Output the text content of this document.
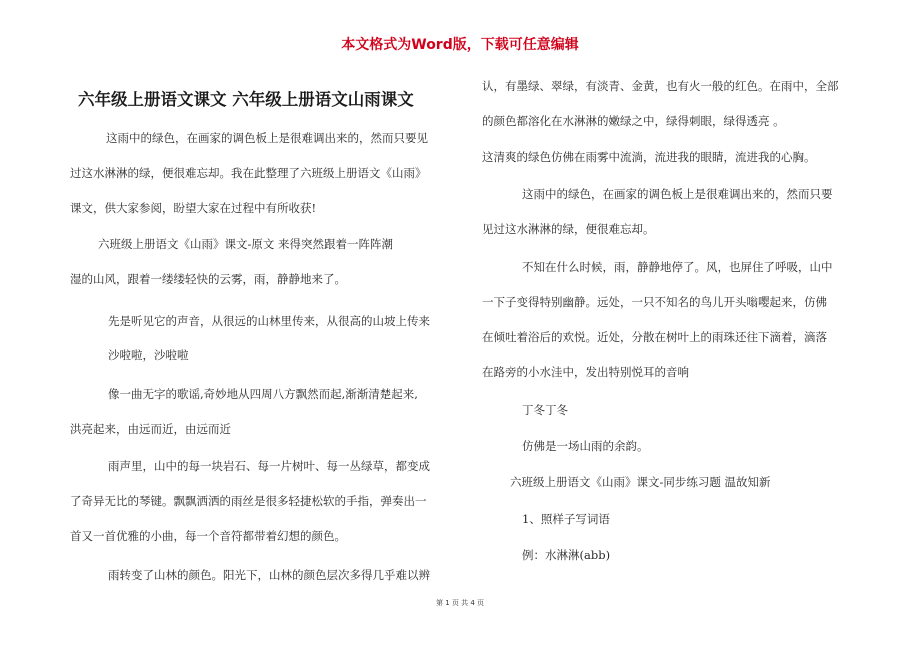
本文格式为Word版，下载可任意编辑
六年级上册语文课文 六年级上册语文山雨课文
这雨中的绿色，在画家的调色板上是很难调出来的，然而只要见
过这水淋淋的绿，便很难忘却。我在此整理了六班级上册语文《山雨》
课文，供大家参阅，盼望大家在过程中有所收获!
六班级上册语文《山雨》课文-原文 来得突然跟着一阵阵潮
湿的山风，跟着一缕缕轻快的云雾，雨，静静地来了。
先是听见它的声音，从很远的山林里传来，从很高的山坡上传来
沙啦啦，沙啦啦
像一曲无字的歌谣,奇妙地从四周八方飘然而起,渐渐清楚起来,
洪亮起来，由远而近，由远而近
雨声里，山中的每一块岩石、每一片树叶、每一丛绿草，都变成
了奇异无比的琴键。飘飘洒洒的雨丝是很多轻捷松软的手指，弹奏出一
首又一首优雅的小曲，每一个音符都带着幻想的颜色。
雨转变了山林的颜色。阳光下，山林的颜色层次多得几乎难以辨
认，有墨绿、翠绿，有淡青、金黄，也有火一般的红色。在雨中，全部
的颜色都溶化在水淋淋的嫩绿之中，绿得刺眼，绿得透亮 。
这清爽的绿色仿佛在雨雾中流淌，流进我的眼睛，流进我的心胸。
这雨中的绿色，在画家的调色板上是很难调出来的，然而只要
见过这水淋淋的绿，便很难忘却。
不知在什么时候，雨，静静地停了。风，也屏住了呼吸，山中
一下子变得特别幽静。远处，一只不知名的鸟儿开头嗡嘤起来，仿佛
在倾吐着浴后的欢悦。近处，分散在树叶上的雨珠还往下滴着，滴落
在路旁的小水洼中，发出特别悦耳的音响
丁冬丁冬
仿佛是一场山雨的余韵。
六班级上册语文《山雨》课文-同步练习题 温故知新
1、照样子写词语
例：水淋淋(abb)
第 1 页 共 4 页
